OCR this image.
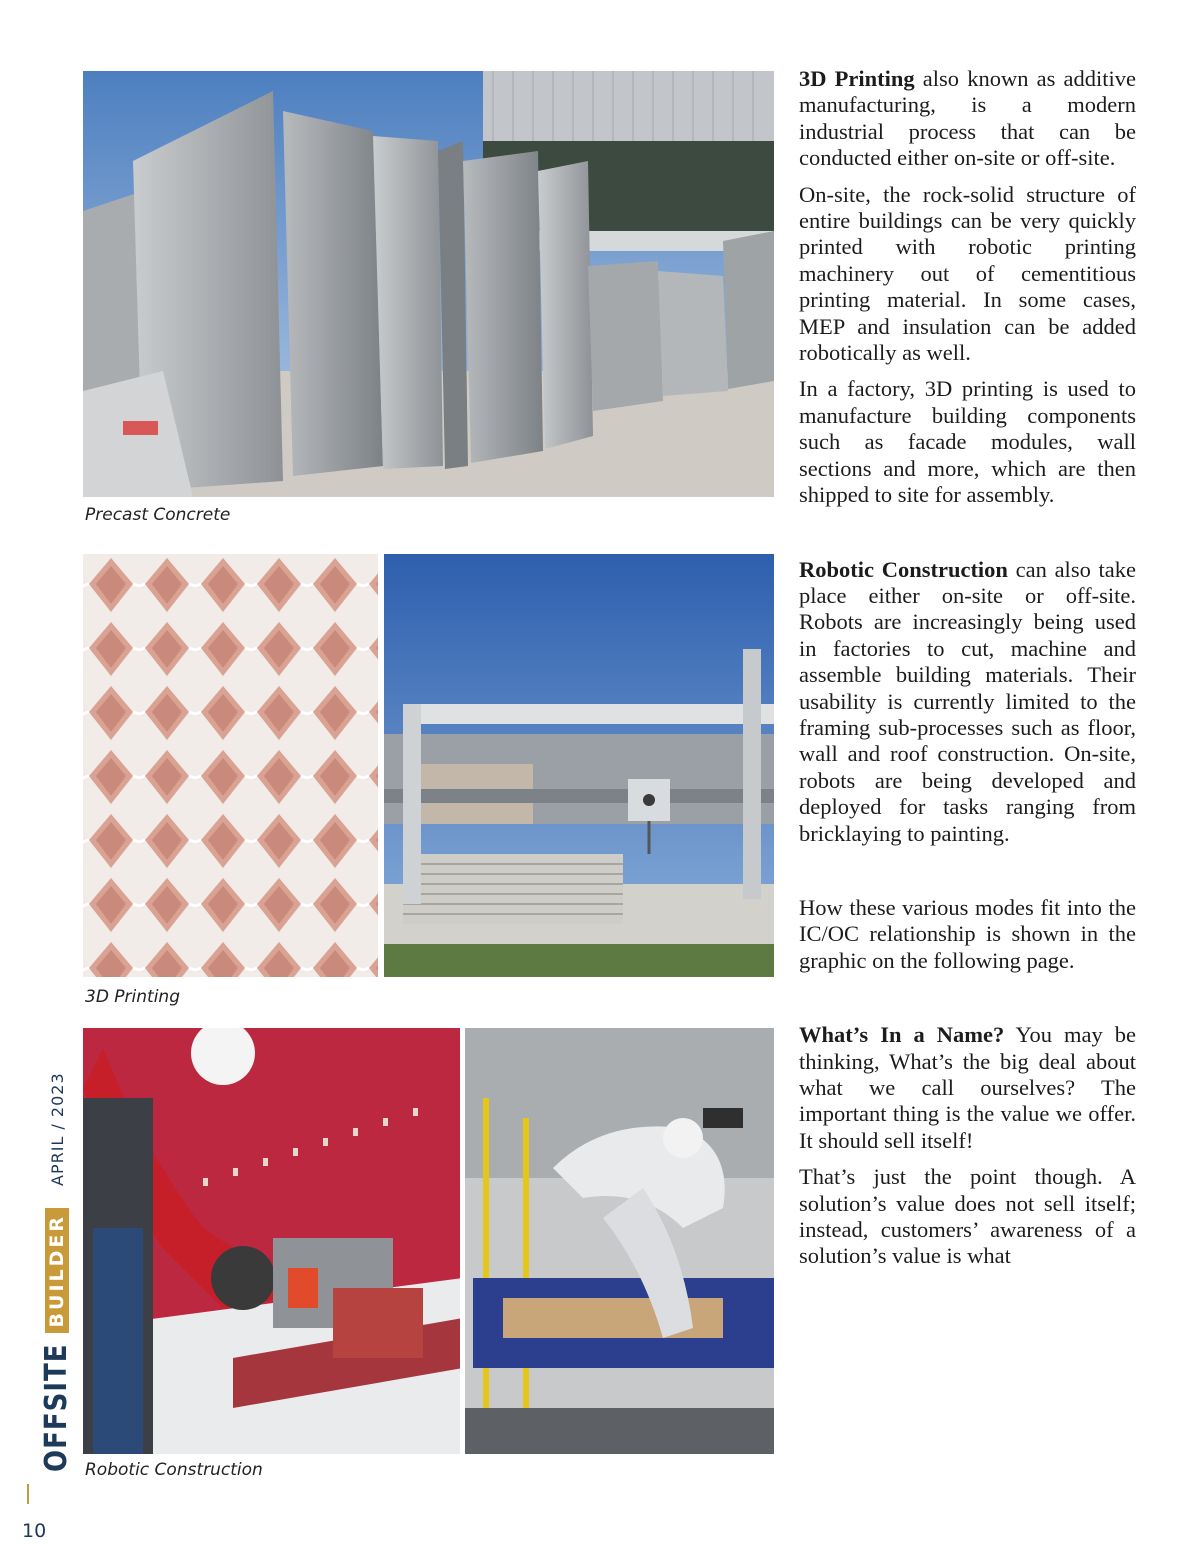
Precast Concrete
3D Printing
Robotic Construction

3D Printing also known as additive manufacturing, is a modern industrial process that can be conducted either on-site or off-site.

On-site, the rock-solid structure of entire buildings can be very quickly printed with robotic printing machinery out of cementitious printing material. In some cases, MEP and insulation can be added robotically as well.

In a factory, 3D printing is used to manufacture building components such as facade modules, wall sections and more, which are then shipped to site for assembly.

Robotic Construction can also take place either on-site or off-site. Robots are increasingly being used in factories to cut, machine and assemble building materials. Their usability is currently limited to the framing sub-processes such as floor, wall and roof construction. On-site, robots are being developed and deployed for tasks ranging from bricklaying to painting.

How these various modes fit into the IC/OC relationship is shown in the graphic on the following page.

What’s In a Name? You may be thinking, What’s the big deal about what we call ourselves? The important thing is the value we offer. It should sell itself!

That’s just the point though. A solution’s value does not sell itself; instead, customers’ awareness of a solution’s value is what

OFFSITE
BUILDER
APRIL / 2023
10
